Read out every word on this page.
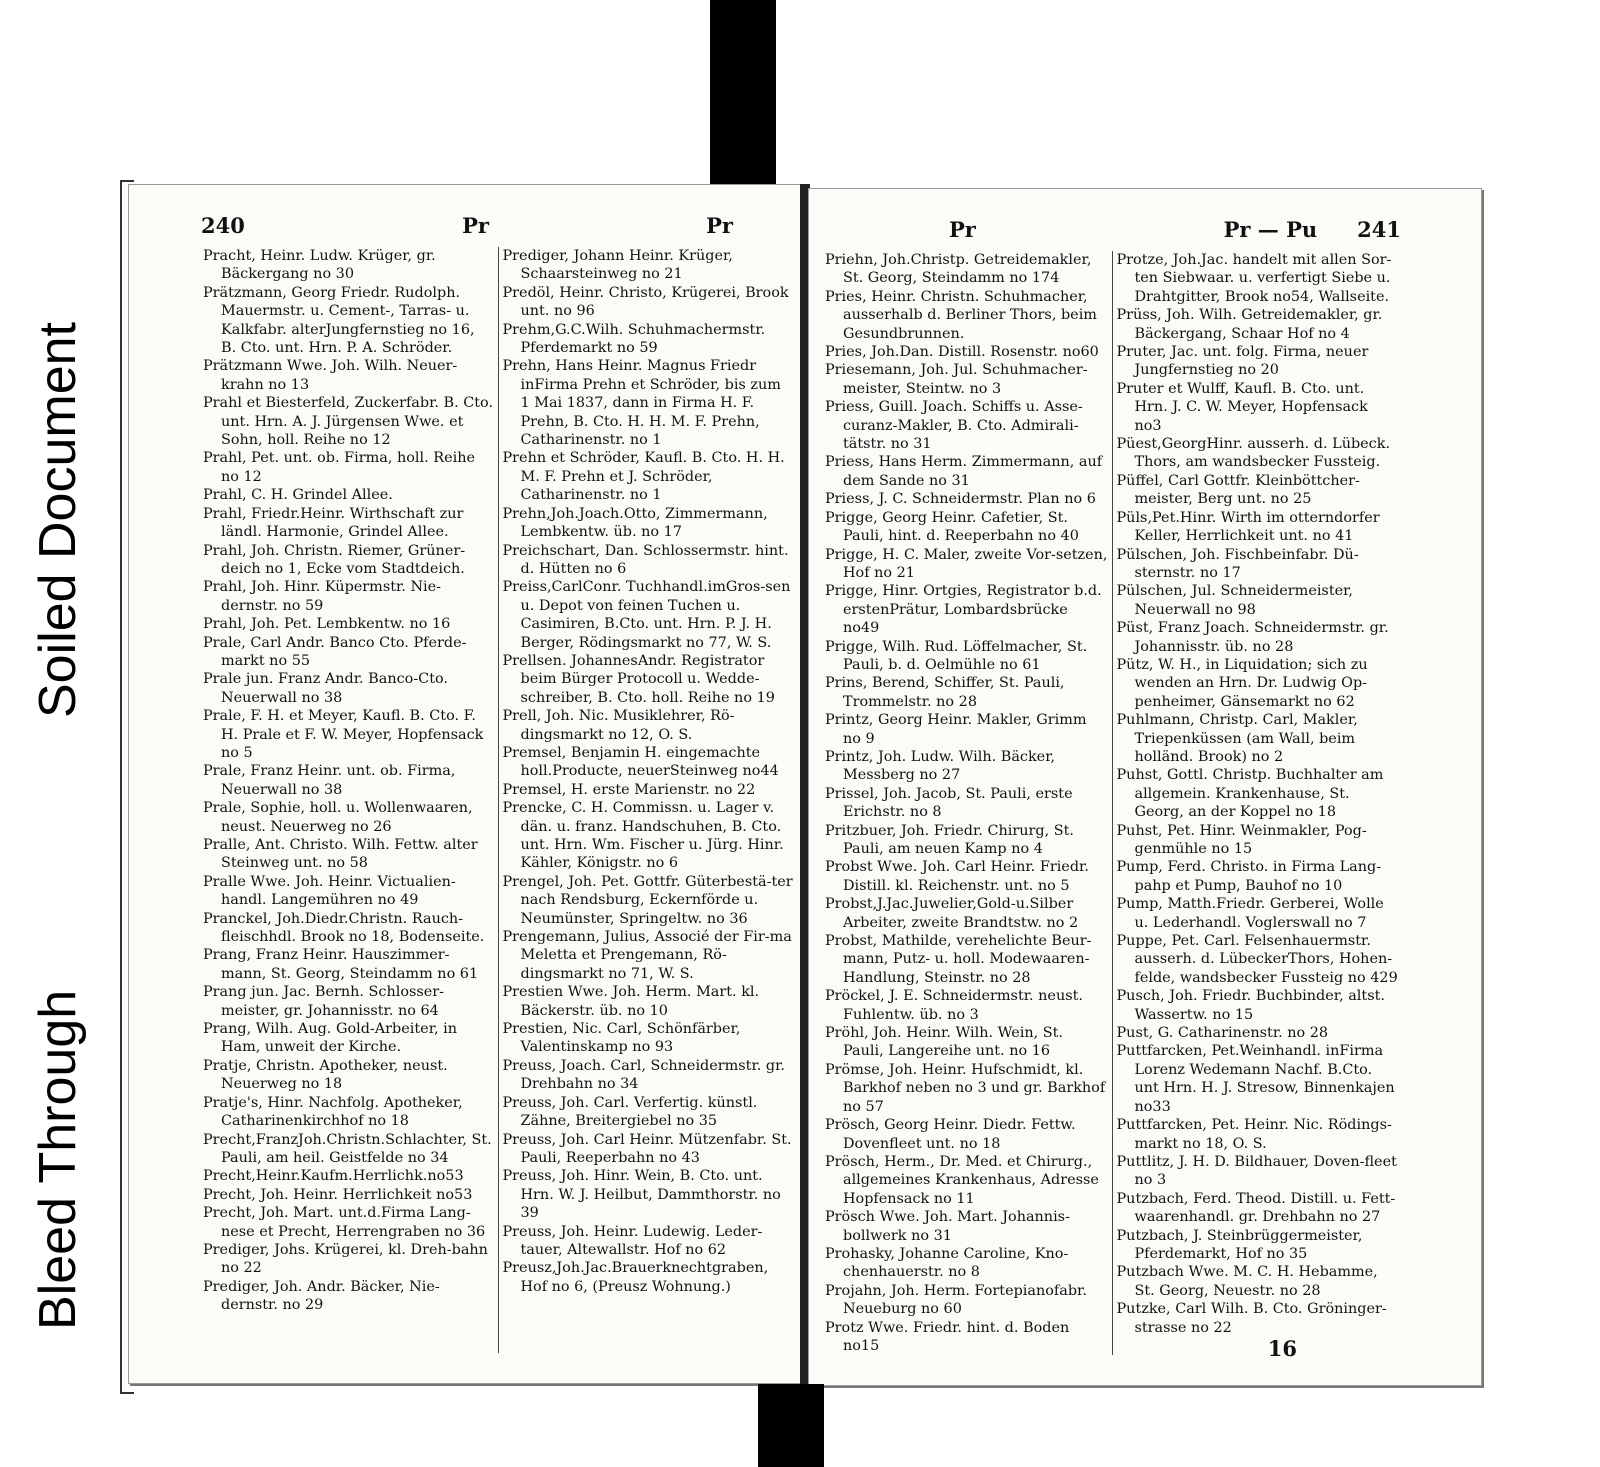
Soiled Document
Bleed Through
240	Pr	Pr
Pracht, Heinr. Ludw. Krüger, gr. Bäckergang no 30
Prätzmann, Georg Friedr. Rudolph. Mauermstr. u. Cement-, Tarras- u. Kalkfabr. alterJungfernstieg no 16, B. Cto. unt. Hrn. P. A. Schröder.
Prätzmann Wwe. Joh. Wilh. Neuer-krahn no 13
Prahl et Biesterfeld, Zuckerfabr. B. Cto. unt. Hrn. A. J. Jürgensen Wwe. et Sohn, holl. Reihe no 12
Prahl, Pet. unt. ob. Firma, holl. Reihe no 12
Prahl, C. H. Grindel Allee.
Prahl, Friedr.Heinr. Wirthschaft zur ländl. Harmonie, Grindel Allee.
Prahl, Joh. Christn. Riemer, Grüner-deich no 1, Ecke vom Stadtdeich.
Prahl, Joh. Hinr. Küpermstr. Nie-dernstr. no 59
Prahl, Joh. Pet. Lembkentw. no 16
Prale, Carl Andr. Banco Cto. Pferde-markt no 55
Prale jun. Franz Andr. Banco-Cto. Neuerwall no 38
Prale, F. H. et Meyer, Kaufl. B. Cto. F. H. Prale et F. W. Meyer, Hopfensack no 5
Prale, Franz Heinr. unt. ob. Firma, Neuerwall no 38
Prale, Sophie, holl. u. Wollenwaaren, neust. Neuerweg no 26
Pralle, Ant. Christo. Wilh. Fettw. alter Steinweg unt. no 58
Pralle Wwe. Joh. Heinr. Victualien-handl. Langemühren no 49
Pranckel, Joh.Diedr.Christn. Rauch-fleischhdl. Brook no 18, Bodenseite.
Prang, Franz Heinr. Hauszimmer-mann, St. Georg, Steindamm no 61
Prang jun. Jac. Bernh. Schlosser-meister, gr. Johannisstr. no 64
Prang, Wilh. Aug. Gold-Arbeiter, in Ham, unweit der Kirche.
Pratje, Christn. Apotheker, neust. Neuerweg no 18
Pratje's, Hinr. Nachfolg. Apotheker, Catharinenkirchhof no 18
Precht,FranzJoh.Christn.Schlachter, St. Pauli, am heil. Geistfelde no 34
Precht,Heinr.Kaufm.Herrlichk.no53
Precht, Joh. Heinr. Herrlichkeit no53
Precht, Joh. Mart. unt.d.Firma Lang-nese et Precht, Herrengraben no 36
Prediger, Johs. Krügerei, kl. Dreh-bahn no 22
Prediger, Joh. Andr. Bäcker, Nie-dernstr. no 29
Prediger, Johann Heinr. Krüger, Schaarsteinweg no 21
Predöl, Heinr. Christo, Krügerei, Brook unt. no 96
Prehm,G.C.Wilh. Schuhmachermstr. Pferdemarkt no 59
Prehn, Hans Heinr. Magnus Friedr inFirma Prehn et Schröder, bis zum 1 Mai 1837, dann in Firma H. F. Prehn, B. Cto. H. H. M. F. Prehn, Catharinenstr. no 1
Prehn et Schröder, Kaufl. B. Cto. H. H. M. F. Prehn et J. Schröder, Catharinenstr. no 1
Prehn,Joh.Joach.Otto, Zimmermann, Lembkentw. üb. no 17
Preichschart, Dan. Schlossermstr. hint. d. Hütten no 6
Preiss,CarlConr. Tuchhandl.imGros-sen u. Depot von feinen Tuchen u. Casimiren, B.Cto. unt. Hrn. P. J. H. Berger, Rödingsmarkt no 77, W. S.
Prellsen. JohannesAndr. Registrator beim Bürger Protocoll u. Wedde-schreiber, B. Cto. holl. Reihe no 19
Prell, Joh. Nic. Musiklehrer, Rö-dingsmarkt no 12, O. S.
Premsel, Benjamin H. eingemachte holl.Producte, neuerSteinweg no44
Premsel, H. erste Marienstr. no 22
Prencke, C. H. Commissn. u. Lager v. dän. u. franz. Handschuhen, B. Cto. unt. Hrn. Wm. Fischer u. Jürg. Hinr. Kähler, Königstr. no 6
Prengel, Joh. Pet. Gottfr. Güterbestä-ter nach Rendsburg, Eckernförde u. Neumünster, Springeltw. no 36
Prengemann, Julius, Associé der Fir-ma Meletta et Prengemann, Rö-dingsmarkt no 71, W. S.
Prestien Wwe. Joh. Herm. Mart. kl. Bäckerstr. üb. no 10
Prestien, Nic. Carl, Schönfärber, Valentinskamp no 93
Preuss, Joach. Carl, Schneidermstr. gr. Drehbahn no 34
Preuss, Joh. Carl. Verfertig. künstl. Zähne, Breitergiebel no 35
Preuss, Joh. Carl Heinr. Mützenfabr. St. Pauli, Reeperbahn no 43
Preuss, Joh. Hinr. Wein, B. Cto. unt. Hrn. W. J. Heilbut, Dammthorstr. no 39
Preuss, Joh. Heinr. Ludewig. Leder-tauer, Altewallstr. Hof no 62
Preusz,Joh.Jac.Brauerknechtgraben, Hof no 6, (Preusz Wohnung.)
Pr	Pr — Pu 241
Priehn, Joh.Christp. Getreidemakler, St. Georg, Steindamm no 174
Pries, Heinr. Christn. Schuhmacher, ausserhalb d. Berliner Thors, beim Gesundbrunnen.
Pries, Joh.Dan. Distill. Rosenstr. no60
Priesemann, Joh. Jul. Schuhmacher-meister, Steintw. no 3
Priess, Guill. Joach. Schiffs u. Asse-curanz-Makler, B. Cto. Admirali-tätstr. no 31
Priess, Hans Herm. Zimmermann, auf dem Sande no 31
Priess, J. C. Schneidermstr. Plan no 6
Prigge, Georg Heinr. Cafetier, St. Pauli, hint. d. Reeperbahn no 40
Prigge, H. C. Maler, zweite Vor-setzen, Hof no 21
Prigge, Hinr. Ortgies, Registrator b.d. erstenPrätur, Lombardsbrücke no49
Prigge, Wilh. Rud. Löffelmacher, St. Pauli, b. d. Oelmühle no 61
Prins, Berend, Schiffer, St. Pauli, Trommelstr. no 28
Printz, Georg Heinr. Makler, Grimm no 9
Printz, Joh. Ludw. Wilh. Bäcker, Messberg no 27
Prissel, Joh. Jacob, St. Pauli, erste Erichstr. no 8
Pritzbuer, Joh. Friedr. Chirurg, St. Pauli, am neuen Kamp no 4
Probst Wwe. Joh. Carl Heinr. Friedr. Distill. kl. Reichenstr. unt. no 5
Probst,J.Jac.Juwelier,Gold-u.Silber Arbeiter, zweite Brandtstw. no 2
Probst, Mathilde, verehelichte Beur-mann, Putz- u. holl. Modewaaren-Handlung, Steinstr. no 28
Pröckel, J. E. Schneidermstr. neust. Fuhlentw. üb. no 3
Pröhl, Joh. Heinr. Wilh. Wein, St. Pauli, Langereihe unt. no 16
Prömse, Joh. Heinr. Hufschmidt, kl. Barkhof neben no 3 und gr. Barkhof no 57
Prösch, Georg Heinr. Diedr. Fettw. Dovenfleet unt. no 18
Prösch, Herm., Dr. Med. et Chirurg., allgemeines Krankenhaus, Adresse Hopfensack no 11
Prösch Wwe. Joh. Mart. Johannis-bollwerk no 31
Prohasky, Johanne Caroline, Kno-chenhauerstr. no 8
Projahn, Joh. Herm. Fortepianofabr. Neueburg no 60
Protz Wwe. Friedr. hint. d. Boden no15
Protze, Joh.Jac. handelt mit allen Sor-ten Siebwaar. u. verfertigt Siebe u. Drahtgitter, Brook no54, Wallseite.
Prüss, Joh. Wilh. Getreidemakler, gr. Bäckergang, Schaar Hof no 4
Pruter, Jac. unt. folg. Firma, neuer Jungfernstieg no 20
Pruter et Wulff, Kaufl. B. Cto. unt. Hrn. J. C. W. Meyer, Hopfensack no3
Püest,GeorgHinr. ausserh. d. Lübeck. Thors, am wandsbecker Fussteig.
Püffel, Carl Gottfr. Kleinböttcher-meister, Berg unt. no 25
Püls,Pet.Hinr. Wirth im otterndorfer Keller, Herrlichkeit unt. no 41
Pülschen, Joh. Fischbeinfabr. Dü-sternstr. no 17
Pülschen, Jul. Schneidermeister, Neuerwall no 98
Püst, Franz Joach. Schneidermstr. gr. Johannisstr. üb. no 28
Pütz, W. H., in Liquidation; sich zu wenden an Hrn. Dr. Ludwig Op-penheimer, Gänsemarkt no 62
Puhlmann, Christp. Carl, Makler, Triepenküssen (am Wall, beim holländ. Brook) no 2
Puhst, Gottl. Christp. Buchhalter am allgemein. Krankenhause, St. Georg, an der Koppel no 18
Puhst, Pet. Hinr. Weinmakler, Pog-genmühle no 15
Pump, Ferd. Christo. in Firma Lang-pahp et Pump, Bauhof no 10
Pump, Matth.Friedr. Gerberei, Wolle u. Lederhandl. Voglerswall no 7
Puppe, Pet. Carl. Felsenhauermstr. ausserh. d. LübeckerThors, Hohen-felde, wandsbecker Fussteig no 429
Pusch, Joh. Friedr. Buchbinder, altst. Wassertw. no 15
Pust, G. Catharinenstr. no 28
Puttfarcken, Pet.Weinhandl. inFirma Lorenz Wedemann Nachf. B.Cto. unt Hrn. H. J. Stresow, Binnenkajen no33
Puttfarcken, Pet. Heinr. Nic. Rödings-markt no 18, O. S.
Puttlitz, J. H. D. Bildhauer, Doven-fleet no 3
Putzbach, Ferd. Theod. Distill. u. Fett-waarenhandl. gr. Drehbahn no 27
Putzbach, J. Steinbrüggermeister, Pferdemarkt, Hof no 35
Putzbach Wwe. M. C. H. Hebamme, St. Georg, Neuestr. no 28
Putzke, Carl Wilh. B. Cto. Gröninger-strasse no 22
16
